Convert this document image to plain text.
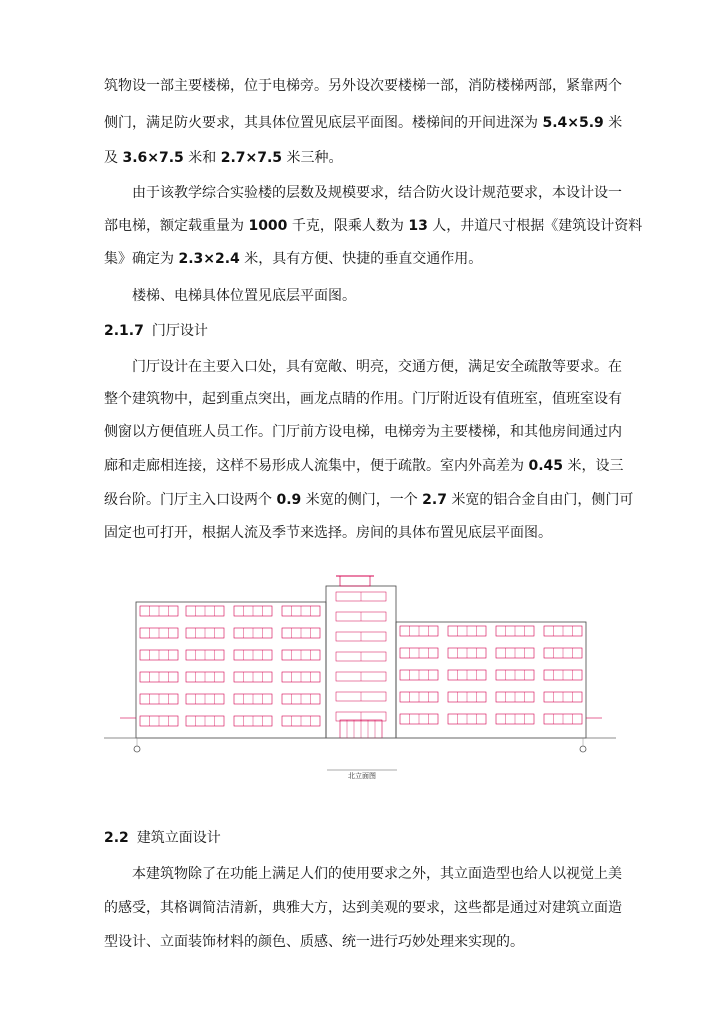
筑物设一部主要楼梯，位于电梯旁。另外设次要楼梯一部，消防楼梯两部，紧靠两个
侧门，满足防火要求，其具体位置见底层平面图。楼梯间的开间进深为 5.4×5.9 米
及 3.6×7.5 米和 2.7×7.5 米三种。
由于该教学综合实验楼的层数及规模要求，结合防火设计规范要求，本设计设一
部电梯，额定载重量为 1000 千克，限乘人数为 13 人，井道尺寸根据《建筑设计资料
集》确定为 2.3×2.4 米，具有方便、快捷的垂直交通作用。
楼梯、电梯具体位置见底层平面图。
2.1.7 门厅设计
门厅设计在主要入口处，具有宽敞、明亮，交通方便，满足安全疏散等要求。在
整个建筑物中，起到重点突出，画龙点睛的作用。门厅附近设有值班室，值班室设有
侧窗以方便值班人员工作。门厅前方设电梯，电梯旁为主要楼梯，和其他房间通过内
廊和走廊相连接，这样不易形成人流集中，便于疏散。室内外高差为 0.45 米，设三
级台阶。门厅主入口设两个 0.9 米宽的侧门，一个 2.7 米宽的铝合金自由门，侧门可
固定也可打开，根据人流及季节来选择。房间的具体布置见底层平面图。
北立面图
2.2 建筑立面设计
本建筑物除了在功能上满足人们的使用要求之外，其立面造型也给人以视觉上美
的感受，其格调简洁清新，典雅大方，达到美观的要求，这些都是通过对建筑立面造
型设计、立面装饰材料的颜色、质感、统一进行巧妙处理来实现的。
